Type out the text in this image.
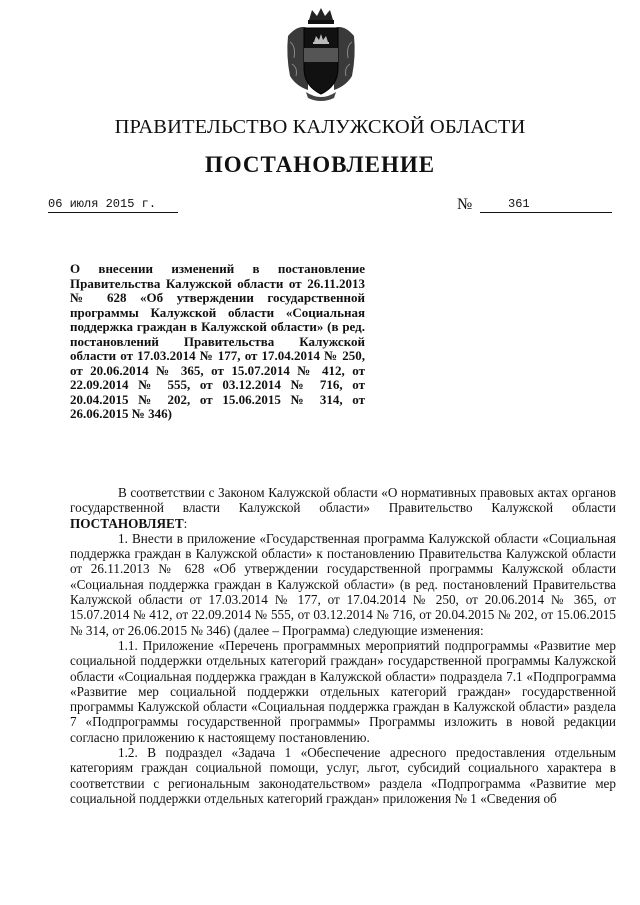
ПРАВИТЕЛЬСТВО КАЛУЖСКОЙ ОБЛАСТИ
ПОСТАНОВЛЕНИЕ
06 июля 2015 г.	№	361
О внесении изменений в постановление Правительства Калужской области от 26.11.2013 № 628 «Об утверждении государственной программы Калужской области «Социальная поддержка граждан в Калужской области» (в ред. постановлений Правительства Калужской области от 17.03.2014 № 177, от 17.04.2014 № 250, от 20.06.2014 № 365, от 15.07.2014 № 412, от 22.09.2014 № 555, от 03.12.2014 № 716, от 20.04.2015 № 202, от 15.06.2015 № 314, от 26.06.2015 № 346)

В соответствии с Законом Калужской области «О нормативных правовых актах органов государственной власти Калужской области» Правительство Калужской области ПОСТАНОВЛЯЕТ:

1. Внести в приложение «Государственная программа Калужской области «Социальная поддержка граждан в Калужской области» к постановлению Правительства Калужской области от 26.11.2013 № 628 «Об утверждении государственной программы Калужской области «Социальная поддержка граждан в Калужской области» (в ред. постановлений Правительства Калужской области от 17.03.2014 № 177, от 17.04.2014 № 250, от 20.06.2014 № 365, от 15.07.2014 № 412, от 22.09.2014 № 555, от 03.12.2014 № 716, от 20.04.2015 № 202, от 15.06.2015 № 314, от 26.06.2015 № 346) (далее – Программа) следующие изменения:

1.1. Приложение «Перечень программных мероприятий подпрограммы «Развитие мер социальной поддержки отдельных категорий граждан» государственной программы Калужской области «Социальная поддержка граждан в Калужской области» подраздела 7.1 «Подпрограмма «Развитие мер социальной поддержки отдельных категорий граждан» государственной программы Калужской области «Социальная поддержка граждан в Калужской области» раздела 7 «Подпрограммы государственной программы» Программы изложить в новой редакции согласно приложению к настоящему постановлению.

1.2. В подраздел «Задача 1 «Обеспечение адресного предоставления отдельным категориям граждан социальной помощи, услуг, льгот, субсидий социального характера в соответствии с региональным законодательством» раздела «Подпрограмма «Развитие мер социальной поддержки отдельных категорий граждан» приложения № 1 «Сведения об
